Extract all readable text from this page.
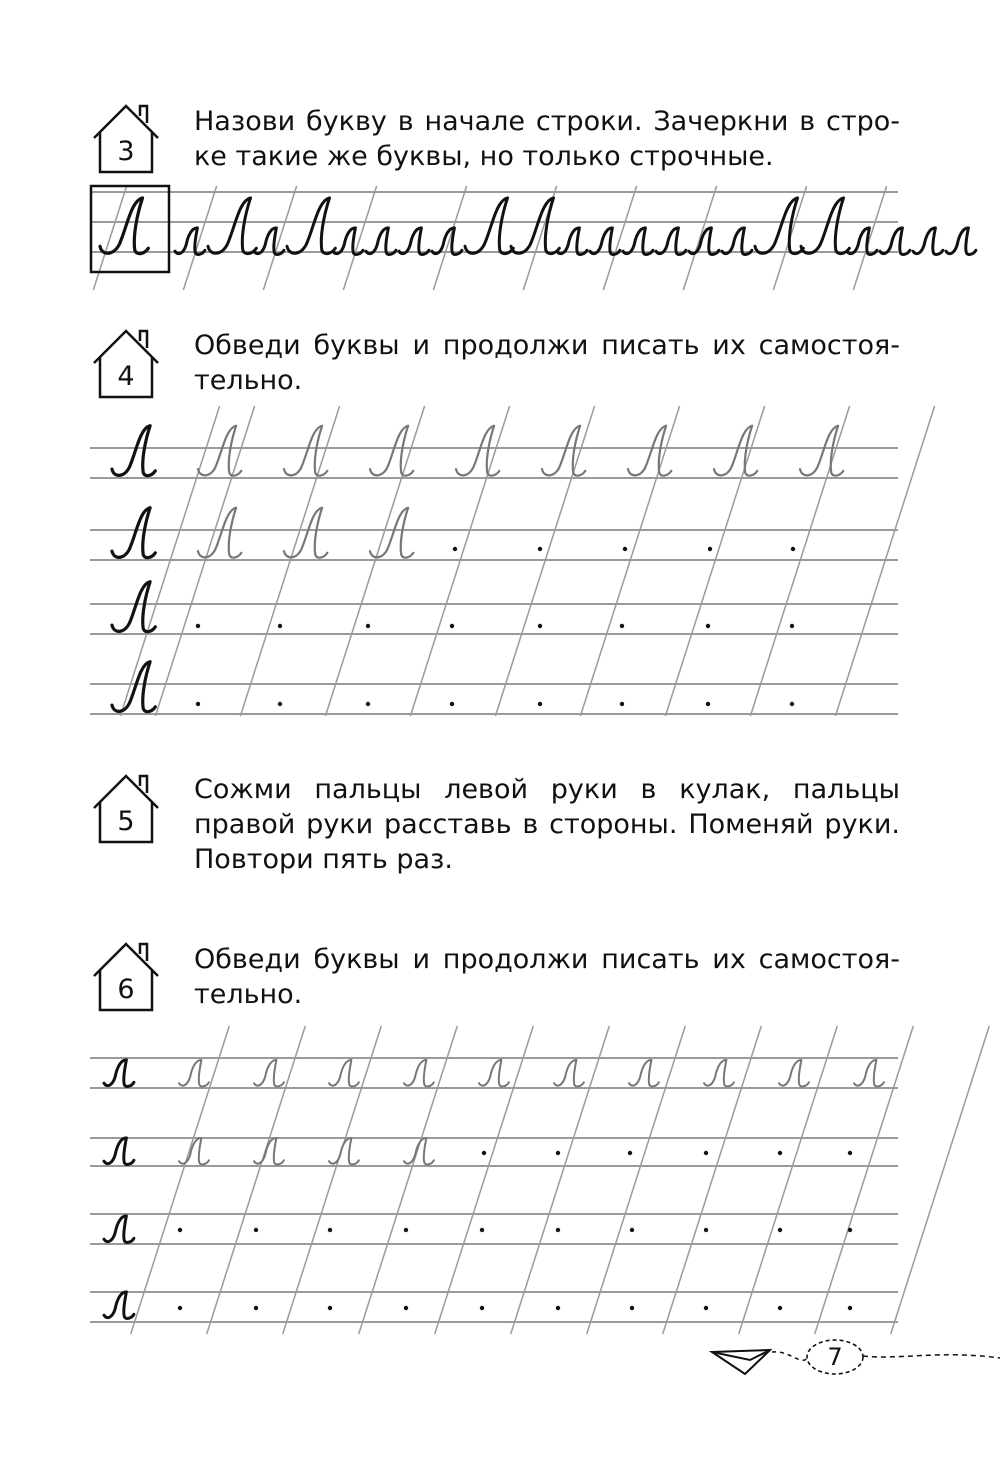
3
Назови букву в начале строки. Зачеркни в стро-
ке такие же буквы, но только строчные.
4
Обведи буквы и продолжи писать их самостоя-
тельно.
5
Сожми пальцы левой руки в кулак, пальцы
правой руки расставь в стороны. Поменяй руки.
Повтори пять раз.
6
Обведи буквы и продолжи писать их самостоя-
тельно.
7
